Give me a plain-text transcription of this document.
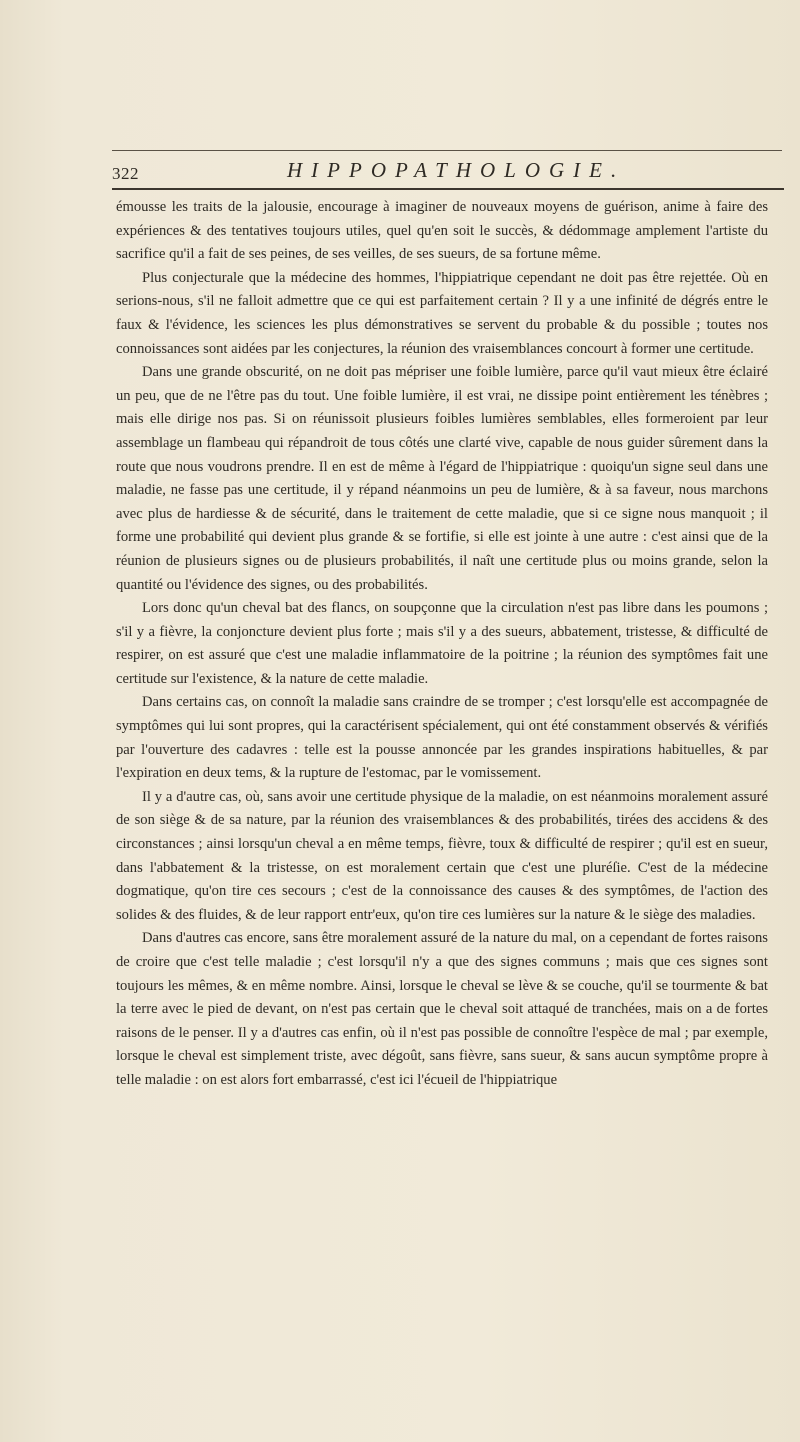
322	HIPPOPATHOLOGIE.

émousse les traits de la jalousie, encourage à imaginer de nouveaux moyens de guérison, anime à faire des expériences & des tentatives toujours utiles, quel qu'en soit le succès, & dédommage amplement l'artiste du sacrifice qu'il a fait de ses peines, de ses veilles, de ses sueurs, de sa fortune même.

Plus conjecturale que la médecine des hommes, l'hippiatrique cependant ne doit pas être rejettée. Où en serions-nous, s'il ne falloit admettre que ce qui est parfaitement certain ? Il y a une infinité de dégrés entre le faux & l'évidence, les sciences les plus démonstratives se servent du probable & du possible ; toutes nos connoissances sont aidées par les conjectures, la réunion des vraisemblances concourt à former une certitude.

Dans une grande obscurité, on ne doit pas mépriser une foible lumière, parce qu'il vaut mieux être éclairé un peu, que de ne l'être pas du tout. Une foible lumière, il est vrai, ne dissipe point entièrement les ténèbres ; mais elle dirige nos pas. Si on réunissoit plusieurs foibles lumières semblables, elles formeroient par leur assemblage un flambeau qui répandroit de tous côtés une clarté vive, capable de nous guider sûrement dans la route que nous voudrons prendre. Il en est de même à l'égard de l'hippiatrique : quoiqu'un signe seul dans une maladie, ne fasse pas une certitude, il y répand néanmoins un peu de lumière, & à sa faveur, nous marchons avec plus de hardiesse & de sécurité, dans le traitement de cette maladie, que si ce signe nous manquoit ; il forme une probabilité qui devient plus grande & se fortifie, si elle est jointe à une autre : c'est ainsi que de la réunion de plusieurs signes ou de plusieurs probabilités, il naît une certitude plus ou moins grande, selon la quantité ou l'évidence des signes, ou des probabilités.

Lors donc qu'un cheval bat des flancs, on soupçonne que la circulation n'est pas libre dans les poumons ; s'il y a fièvre, la conjoncture devient plus forte ; mais s'il y a des sueurs, abbatement, tristesse, & difficulté de respirer, on est assuré que c'est une maladie inflammatoire de la poitrine ; la réunion des symptômes fait une certitude sur l'existence, & la nature de cette maladie.

Dans certains cas, on connoît la maladie sans craindre de se tromper ; c'est lorsqu'elle est accompagnée de symptômes qui lui sont propres, qui la caractérisent spécialement, qui ont été constamment observés & vérifiés par l'ouverture des cadavres : telle est la pousse annoncée par les grandes inspirations habituelles, & par l'expiration en deux tems, & la rupture de l'estomac, par le vomissement.

Il y a d'autre cas, où, sans avoir une certitude physique de la maladie, on est néanmoins moralement assuré de son siège & de sa nature, par la réunion des vraisemblances & des probabilités, tirées des accidens & des circonstances ; ainsi lorsqu'un cheval a en même temps, fièvre, toux & difficulté de respirer ; qu'il est en sueur, dans l'abbatement & la tristesse, on est moralement certain que c'est une pluréſie. C'est de la médecine dogmatique, qu'on tire ces secours ; c'est de la connoissance des causes & des symptômes, de l'action des solides & des fluides, & de leur rapport entr'eux, qu'on tire ces lumières sur la nature & le siège des maladies.

Dans d'autres cas encore, sans être moralement assuré de la nature du mal, on a cependant de fortes raisons de croire que c'est telle maladie ; c'est lorsqu'il n'y a que des signes communs ; mais que ces signes sont toujours les mêmes, & en même nombre. Ainsi, lorsque le cheval se lève & se couche, qu'il se tourmente & bat la terre avec le pied de devant, on n'est pas certain que le cheval soit attaqué de tranchées, mais on a de fortes raisons de le penser. Il y a d'autres cas enfin, où il n'est pas possible de connoître l'espèce de mal ; par exemple, lorsque le cheval est simplement triste, avec dégoût, sans fièvre, sans sueur, & sans aucun symptôme propre à telle maladie : on est alors fort embarrassé, c'est ici l'écueil de l'hippiatrique
